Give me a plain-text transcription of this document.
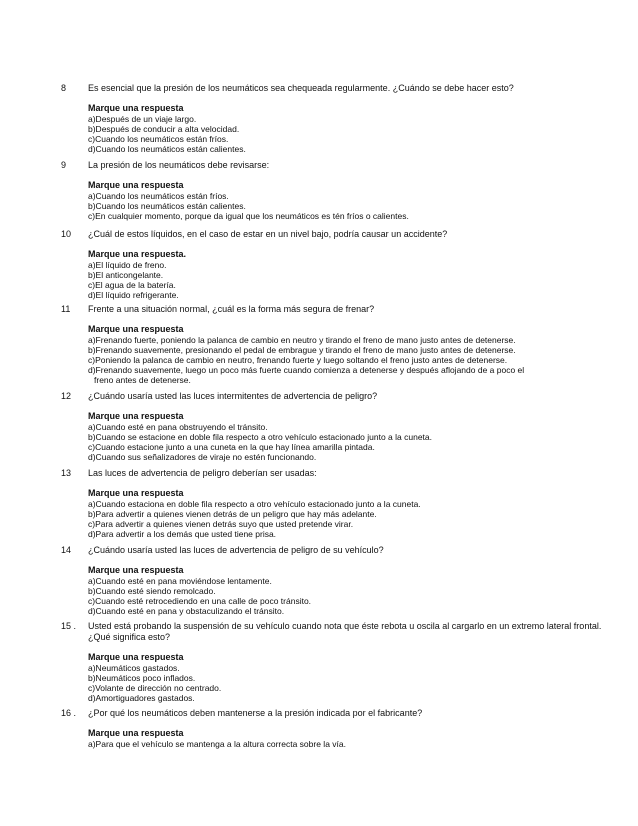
8 Es esencial que la presión de los neumáticos sea chequeada regularmente. ¿Cuándo se debe hacer esto?

Marque una respuesta

a)Después de un viaje largo.

b)Después de conducir a alta velocidad.

c)Cuando los neumáticos están fríos.

d)Cuando los neumáticos están calientes.

9 La presión de los neumáticos debe revisarse:

Marque una respuesta

a)Cuando los neumáticos están fríos.

b)Cuando los neumáticos están calientes.

c)En cualquier momento, porque da igual que los neumáticos es tén fríos o calientes.

10 ¿Cuál de estos líquidos, en el caso de estar en un nivel bajo, podría causar un accidente?

Marque una respuesta.

a)El líquido de freno.

b)El anticongelante.

c)El agua de la batería.

d)El líquido refrigerante.

11 Frente a una situación normal, ¿cuál es la forma más segura de frenar?

Marque una respuesta

a)Frenando fuerte, poniendo la palanca de cambio en neutro y tirando el freno de mano justo antes de detenerse.

b)Frenando suavemente, presionando el pedal de embrague y tirando el freno de mano justo antes de detenerse.

c)Poniendo la palanca de cambio en neutro, frenando fuerte y luego soltando el freno justo antes de detenerse.

d)Frenando suavemente, luego un poco más fuerte cuando comienza a detenerse y después aflojando de a poco el

freno antes de detenerse.

12 ¿Cuándo usaría usted las luces intermitentes de advertencia de peligro?

Marque una respuesta

a)Cuando esté en pana obstruyendo el tránsito.

b)Cuando se estacione en doble fila respecto a otro vehículo estacionado junto a la cuneta.

c)Cuando estacione junto a una cuneta en la que hay línea amarilla pintada.

d)Cuando sus señalizadores de viraje no estén funcionando.

13 Las luces de advertencia de peligro deberían ser usadas:

Marque una respuesta

a)Cuando estaciona en doble fila respecto a otro vehículo estacionado junto a la cuneta.

b)Para advertir a quienes vienen detrás de un peligro que hay más adelante.

c)Para advertir a quienes vienen detrás suyo que usted pretende virar.

d)Para advertir a los demás que usted tiene prisa.

14 ¿Cuándo usaría usted las luces de advertencia de peligro de su vehículo?

Marque una respuesta

a)Cuando esté en pana moviéndose lentamente.

b)Cuando esté siendo remolcado.

c)Cuando esté retrocediendo en una calle de poco tránsito.

d)Cuando esté en pana y obstaculizando el tránsito.

15 . Usted está probando la suspensión de su vehículo cuando nota que éste rebota u oscila al cargarlo en un extremo lateral frontal. ¿Qué significa esto?

Marque una respuesta

a)Neumáticos gastados.

b)Neumáticos poco inflados.

c)Volante de dirección no centrado.

d)Amortiguadores gastados.

16 . ¿Por qué los neumáticos deben mantenerse a la presión indicada por el fabricante?

Marque una respuesta

a)Para que el vehículo se mantenga a la altura correcta sobre la vía.
